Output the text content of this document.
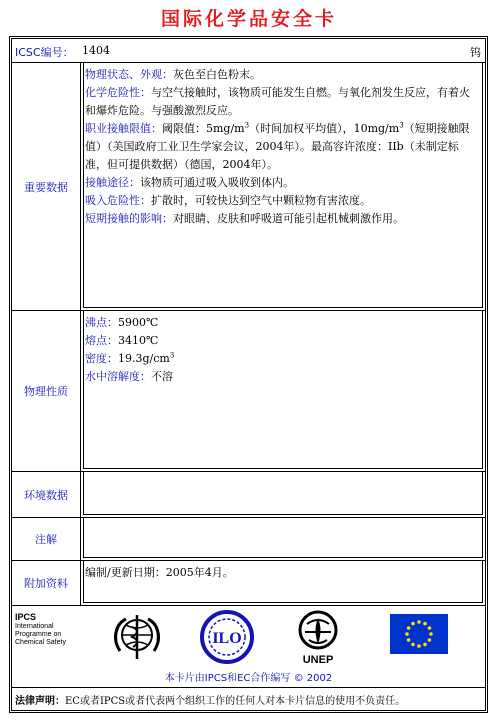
国际化学品安全卡
ICSC编号： 1404	钨
重要数据
物理状态、外观：灰色至白色粉末。
化学危险性：与空气接触时，该物质可能发生自燃。与氧化剂发生反应，有着火和爆炸危险。与强酸激烈反应。
职业接触限值：阈限值：$5mg/m^3$（时间加权平均值），$10mg/m^3$（短期接触限值）（美国政府工业卫生学家会议，2004年）。最高容许浓度：IIb（未制定标准，但可提供数据）（德国，2004年）。
接触途径：该物质可通过吸入吸收到体内。
吸入危险性：扩散时，可较快达到空气中颗粒物有害浓度。
短期接触的影响：对眼睛、皮肤和呼吸道可能引起机械刺激作用。
物理性质
沸点：5900℃
熔点：3410℃
密度：$19.3g/cm^3$
水中溶解度：不溶
环境数据
注解
附加资料
编制/更新日期：2005年4月。
IPCS
International
Programme on
Chemical Safety	ILO
UNEP
本卡片由IPCS和EC合作编写 © 2002
法律声明：EC或者IPCS或者代表两个组织工作的任何人对本卡片信息的使用不负责任。
